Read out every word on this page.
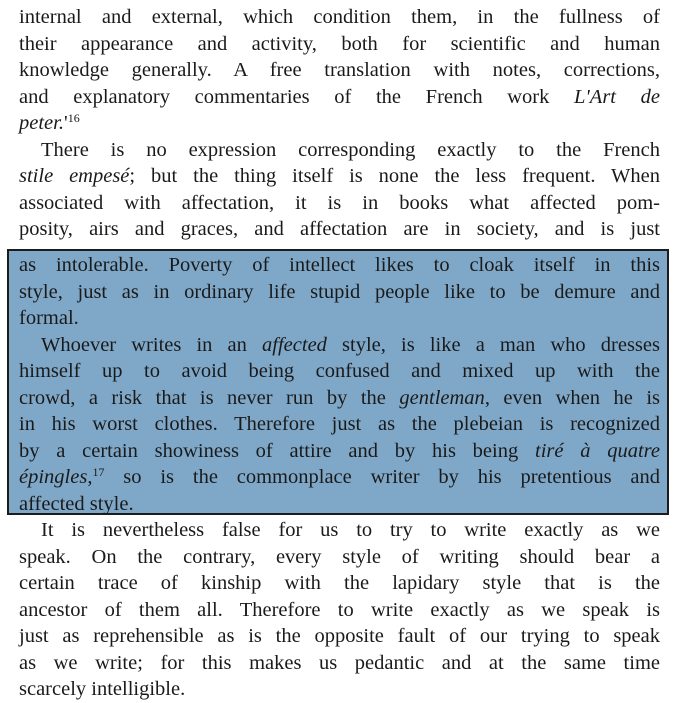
internal and external, which condition them, in the fullness of
their appearance and activity, both for scientific and human
knowledge generally. A free translation with notes, corrections,
and explanatory commentaries of the French work L'Art de
$peter.'^{16}$
There is no expression corresponding exactly to the French
stile empesé; but the thing itself is none the less frequent. When
associated with affectation, it is in books what affected pom-
posity, airs and graces, and affectation are in society, and is just
as intolerable. Poverty of intellect likes to cloak itself in this
style, just as in ordinary life stupid people like to be demure and
formal.
Whoever writes in an affected style, is like a man who dresses
himself up to avoid being confused and mixed up with the
crowd, a risk that is never run by the gentleman, even when he is
in his worst clothes. Therefore just as the plebeian is recognized
by a certain showiness of attire and by his being tiré à quatre
épingles,$^{17}$ so is the commonplace writer by his pretentious and
affected style.
It is nevertheless false for us to try to write exactly as we
speak. On the contrary, every style of writing should bear a
certain trace of kinship with the lapidary style that is the
ancestor of them all. Therefore to write exactly as we speak is
just as reprehensible as is the opposite fault of our trying to speak
as we write; for this makes us pedantic and at the same time
scarcely intelligible.
